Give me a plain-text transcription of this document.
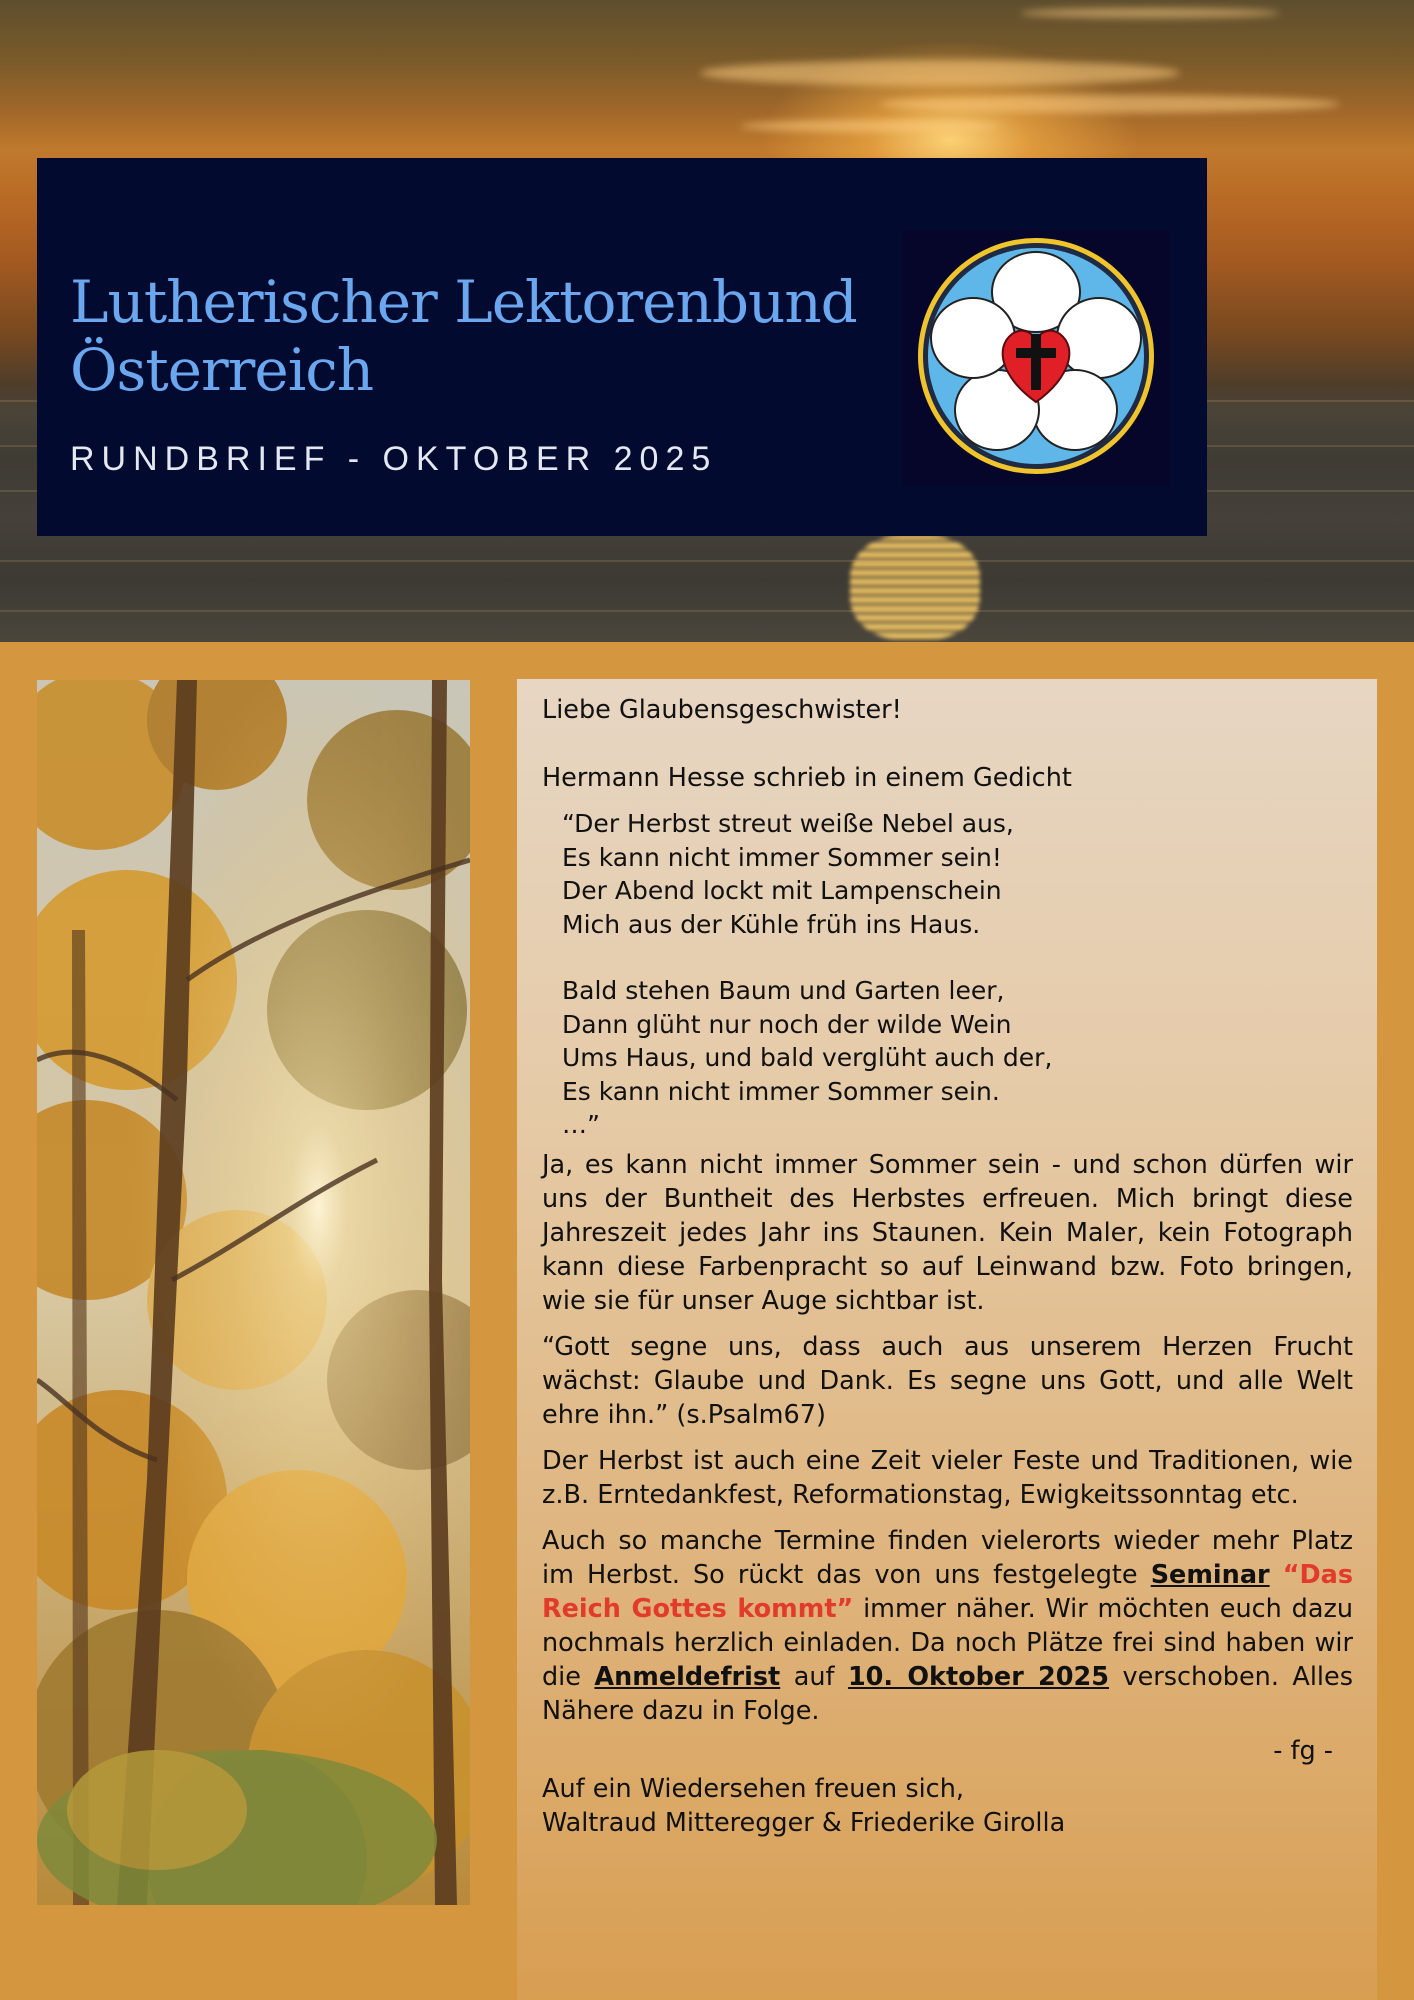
Lutherischer Lektorenbund
Österreich
RUNDBRIEF - OKTOBER 2025

Liebe Glaubensgeschwister!

Hermann Hesse schrieb in einem Gedicht

“Der Herbst streut weiße Nebel aus,
Es kann nicht immer Sommer sein!
Der Abend lockt mit Lampenschein
Mich aus der Kühle früh ins Haus.
Bald stehen Baum und Garten leer,
Dann glüht nur noch der wilde Wein
Ums Haus, und bald verglüht auch der,
Es kann nicht immer Sommer sein.
…”

Ja, es kann nicht immer Sommer sein - und schon dürfen wir uns der Buntheit des Herbstes erfreuen. Mich bringt diese Jahreszeit jedes Jahr ins Staunen. Kein Maler, kein Fotograph kann diese Farbenpracht so auf Leinwand bzw. Foto bringen, wie sie für unser Auge sichtbar ist.

“Gott segne uns, dass auch aus unserem Herzen Frucht wächst: Glaube und Dank. Es segne uns Gott, und alle Welt ehre ihn.” (s.Psalm67)

Der Herbst ist auch eine Zeit vieler Feste und Traditionen, wie z.B. Erntedankfest, Reformationstag, Ewigkeitssonntag etc.

Auch so manche Termine finden vielerorts wieder mehr Platz im Herbst. So rückt das von uns festgelegte Seminar “Das Reich Gottes kommt” immer näher. Wir möchten euch dazu nochmals herzlich einladen. Da noch Plätze frei sind haben wir die Anmeldefrist auf 10. Oktober 2025 verschoben. Alles Nähere dazu in Folge.

- fg -

Auf ein Wiedersehen freuen sich,

Waltraud Mitteregger & Friederike Girolla
